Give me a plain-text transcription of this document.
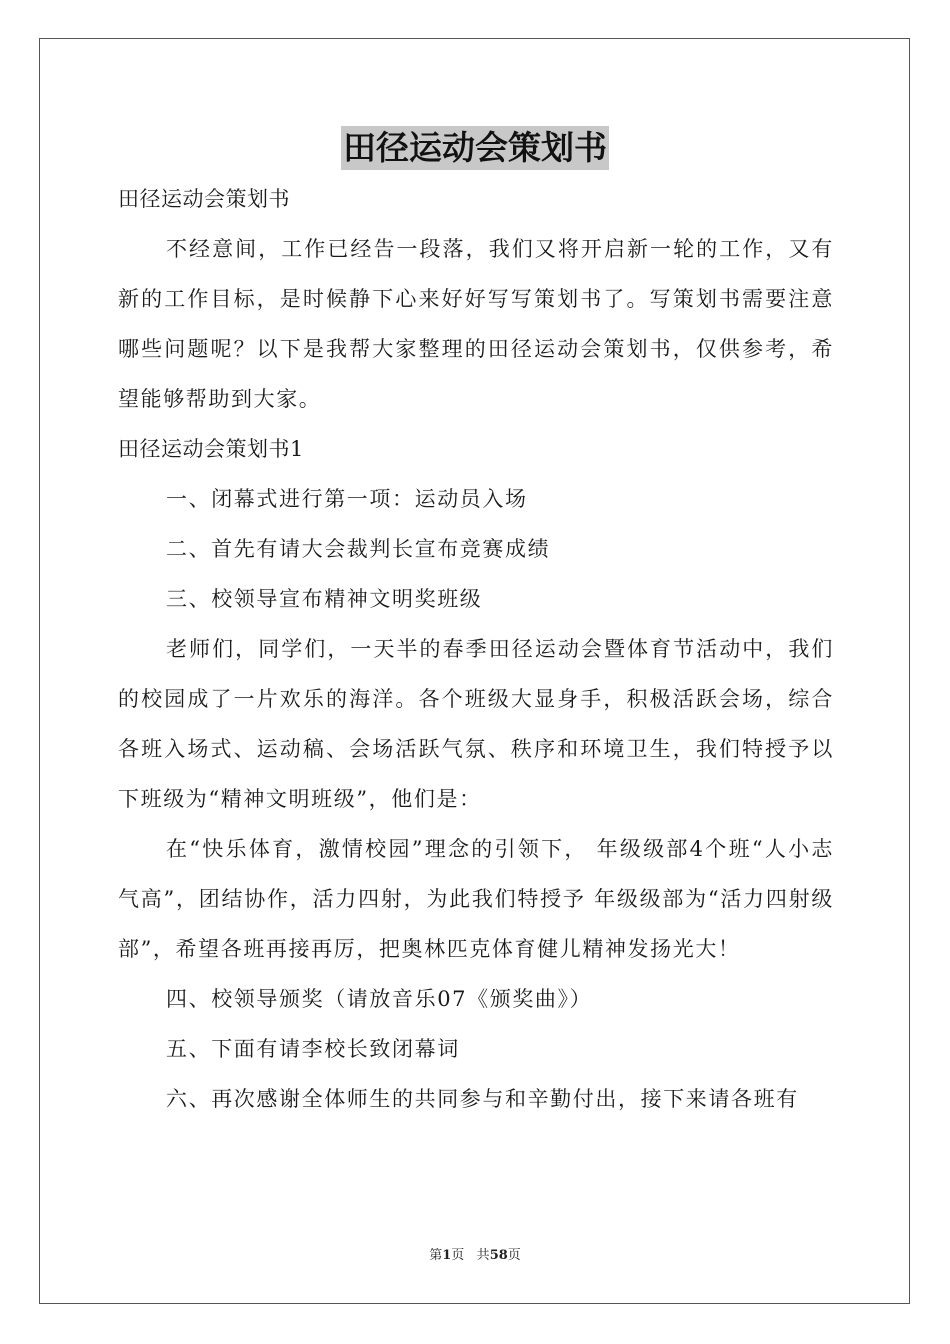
田径运动会策划书

田径运动会策划书

不经意间，工作已经告一段落，我们又将开启新一轮的工作，又有新的工作目标，是时候静下心来好好写写策划书了。写策划书需要注意哪些问题呢？以下是我帮大家整理的田径运动会策划书，仅供参考，希望能够帮助到大家。

田径运动会策划书1

一、闭幕式进行第一项：运动员入场

二、首先有请大会裁判长宣布竞赛成绩

三、校领导宣布精神文明奖班级

老师们，同学们，一天半的春季田径运动会暨体育节活动中，我们的校园成了一片欢乐的海洋。各个班级大显身手，积极活跃会场，综合各班入场式、运动稿、会场活跃气氛、秩序和环境卫生，我们特授予以下班级为“精神文明班级”，他们是：

在“快乐体育，激情校园”理念的引领下， 年级级部4个班“人小志气高”，团结协作，活力四射，为此我们特授予 年级级部为“活力四射级部”，希望各班再接再厉，把奥林匹克体育健儿精神发扬光大！

四、校领导颁奖（请放音乐07《颁奖曲》）

五、下面有请李校长致闭幕词

六、再次感谢全体师生的共同参与和辛勤付出，接下来请各班有

第1页 共58页
